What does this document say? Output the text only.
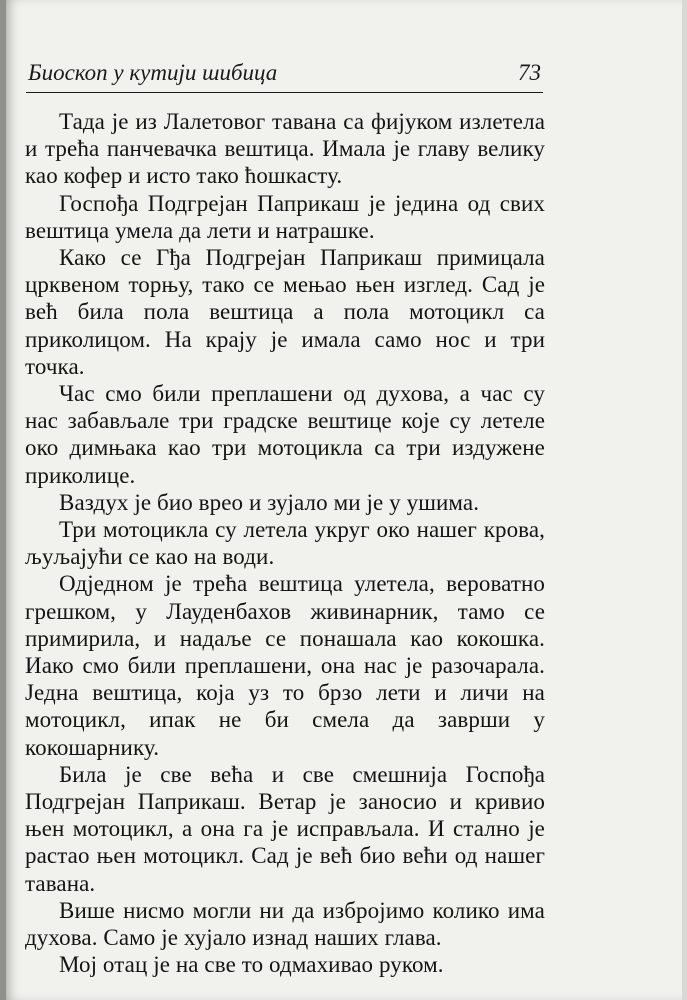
Биоскоп у кутији шибица	73

Тада је из Лалетовог тавана са фијуком излетела и трећа панчевачка вештица. Имала је главу велику као кофер и исто тако ћошкасту.

Госпођа Подгрејан Паприкаш је једина од свих вештица умела да лети и натрашке.

Како се Гђа Подгрејан Паприкаш примицала црквеном торњу, тако се мењао њен изглед. Сад је већ била пола вештица а пола мотоцикл са приколицом. На крају је имала само нос и три точка.

Час смо били преплашени од духова, а час су нас забављале три градске вештице које су летеле око димњака као три мотоцикла са три издужене приколице.

Ваздух је био вреo и зујало ми је у ушима.

Три мотоцикла су летела укруг око нашег крова, љуљајући се као на води.

Одједном је трећа вештица улетела, вероватно грешком, у Лауденбахов живинарник, тамо се примирила, и надаље се понашала као кокошка. Иако смо били преплашени, она нас је разочарала. Једна вештица, која уз то брзо лети и личи на мотоцикл, ипак не би смела да заврши у кокошарнику.

Била је све већа и све смешнија Госпођа Подгрејан Паприкаш. Ветар је заносио и кривио њен мотоцикл, а она га је исправљала. И стално је растао њен мотоцикл. Сад је већ био већи од нашег тавана.

Више нисмо могли ни да избројимо колико има духова. Само је хујало изнад наших глава.

Мој отац је на све то одмахивао руком.
